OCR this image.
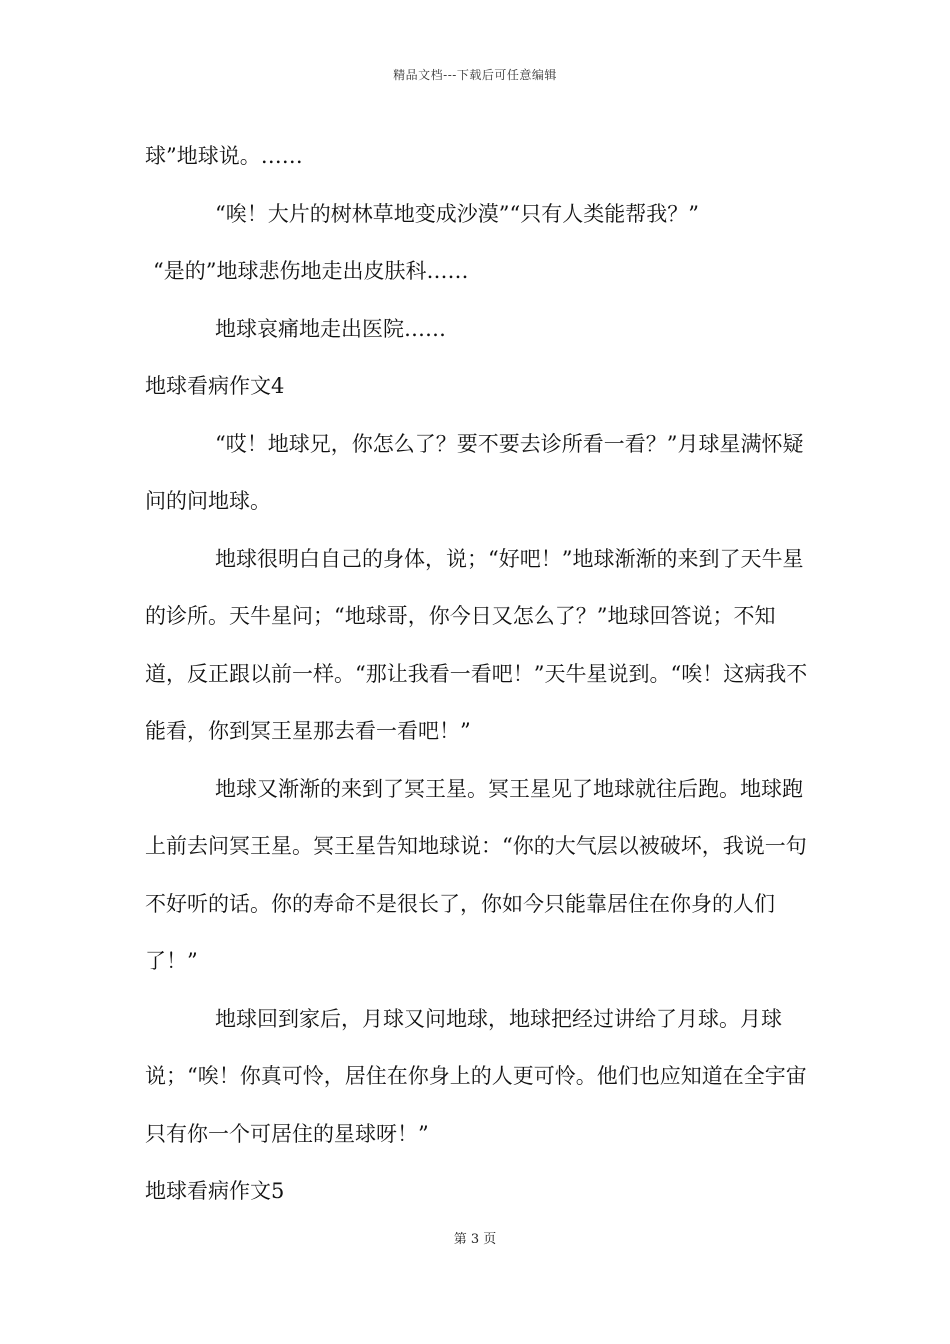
精品文档---下载后可任意编辑

球”地球说。……

“唉！大片的树林草地变成沙漠”“只有人类能帮我？”

“是的”地球悲伤地走出皮肤科……

地球哀痛地走出医院……

地球看病作文4

“哎！地球兄，你怎么了？要不要去诊所看一看？”月球星满怀疑问的问地球。

地球很明白自己的身体，说；“好吧！”地球渐渐的来到了天牛星的诊所。天牛星问；“地球哥，你今日又怎么了？”地球回答说；不知道，反正跟以前一样。“那让我看一看吧！”天牛星说到。“唉！这病我不能看，你到冥王星那去看一看吧！”

地球又渐渐的来到了冥王星。冥王星见了地球就往后跑。地球跑上前去问冥王星。冥王星告知地球说：“你的大气层以被破坏，我说一句不好听的话。你的寿命不是很长了，你如今只能靠居住在你身的人们了！”

地球回到家后，月球又问地球，地球把经过讲给了月球。月球说；“唉！你真可怜，居住在你身上的人更可怜。他们也应知道在全宇宙只有你一个可居住的星球呀！”

地球看病作文5

第 3 页
